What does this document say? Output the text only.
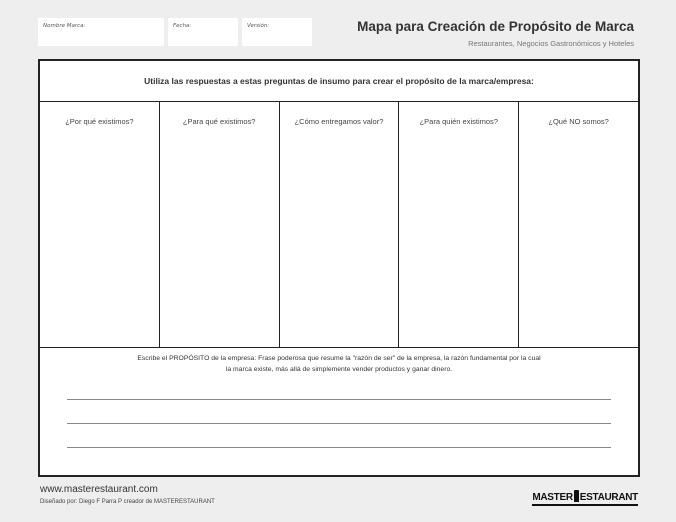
Nombre Marca:	Fecha:	Versión:	Mapa para Creación de Propósito de Marca
Restaurantes, Negocios Gastronómicos y Hoteles
Utiliza las respuestas a estas preguntas de insumo para crear el propósito de la marca/empresa:
¿Por qué existimos?	¿Para qué existimos?	¿Cómo entregamos valor?	¿Para quién existimos?	¿Qué NO somos?
Escribe el PROPÓSITO de la empresa: Frase poderosa que resume la "razón de ser" de la empresa, la razón fundamental por la cual
la marca existe, más allá de simplemente vender productos y ganar dinero.
www.masterestaurant.com
Diseñado por: Diego F Parra P creador de MASTERESTAURANT	MASTER ESTAURANT
